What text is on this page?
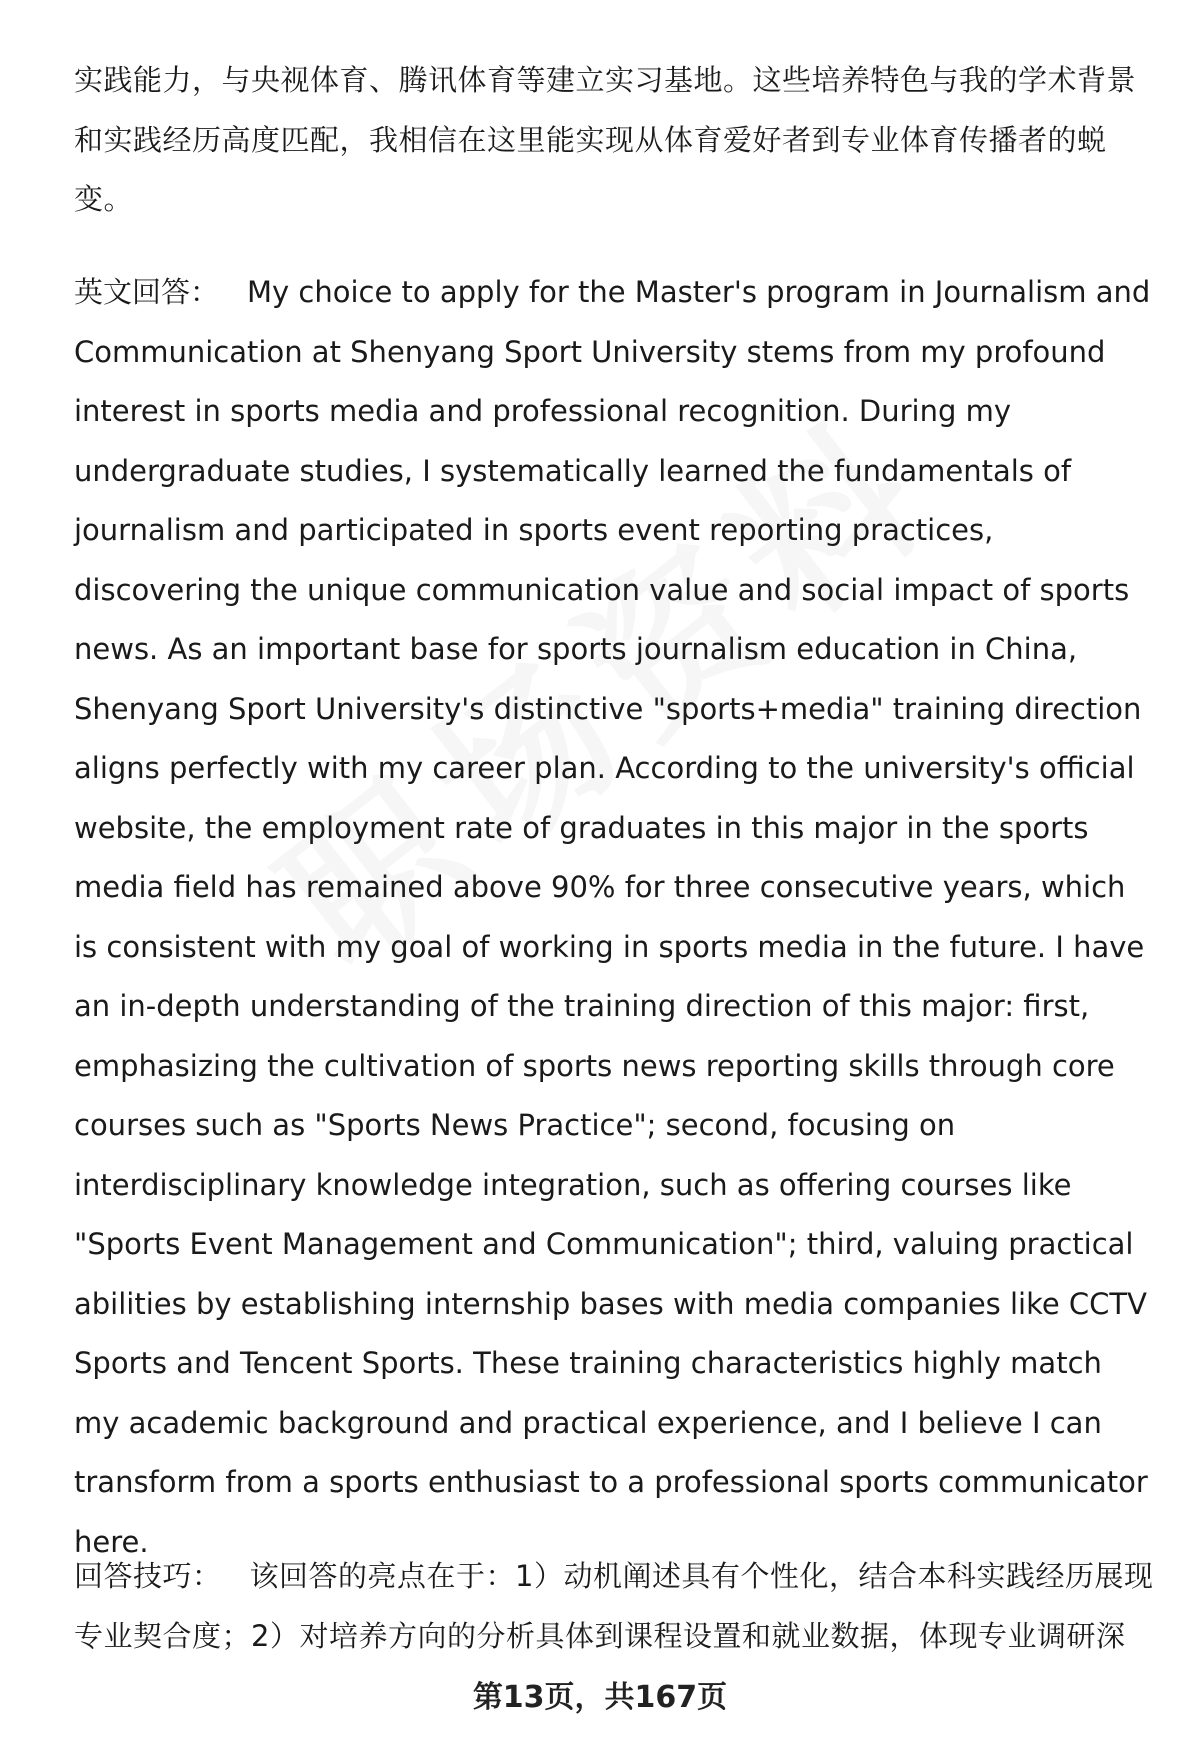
实践能力，与央视体育、腾讯体育等建立实习基地。这些培养特色与我的学术背景和实践经历高度匹配，我相信在这里能实现从体育爱好者到专业体育传播者的蜕变。

英文回答： My choice to apply for the Master's program in Journalism and Communication at Shenyang Sport University stems from my profound interest in sports media and professional recognition. During my undergraduate studies, I systematically learned the fundamentals of journalism and participated in sports event reporting practices, discovering the unique communication value and social impact of sports news. As an important base for sports journalism education in China, Shenyang Sport University's distinctive "sports+media" training direction aligns perfectly with my career plan. According to the university's official website, the employment rate of graduates in this major in the sports media field has remained above 90% for three consecutive years, which is consistent with my goal of working in sports media in the future. I have an in-depth understanding of the training direction of this major: first, emphasizing the cultivation of sports news reporting skills through core courses such as "Sports News Practice"; second, focusing on interdisciplinary knowledge integration, such as offering courses like "Sports Event Management and Communication"; third, valuing practical abilities by establishing internship bases with media companies like CCTV Sports and Tencent Sports. These training characteristics highly match my academic background and practical experience, and I believe I can transform from a sports enthusiast to a professional sports communicator here.

回答技巧： 该回答的亮点在于：1）动机阐述具有个性化，结合本科实践经历展现专业契合度；2）对培养方向的分析具体到课程设置和就业数据，体现专业调研深

第13页，共167页
